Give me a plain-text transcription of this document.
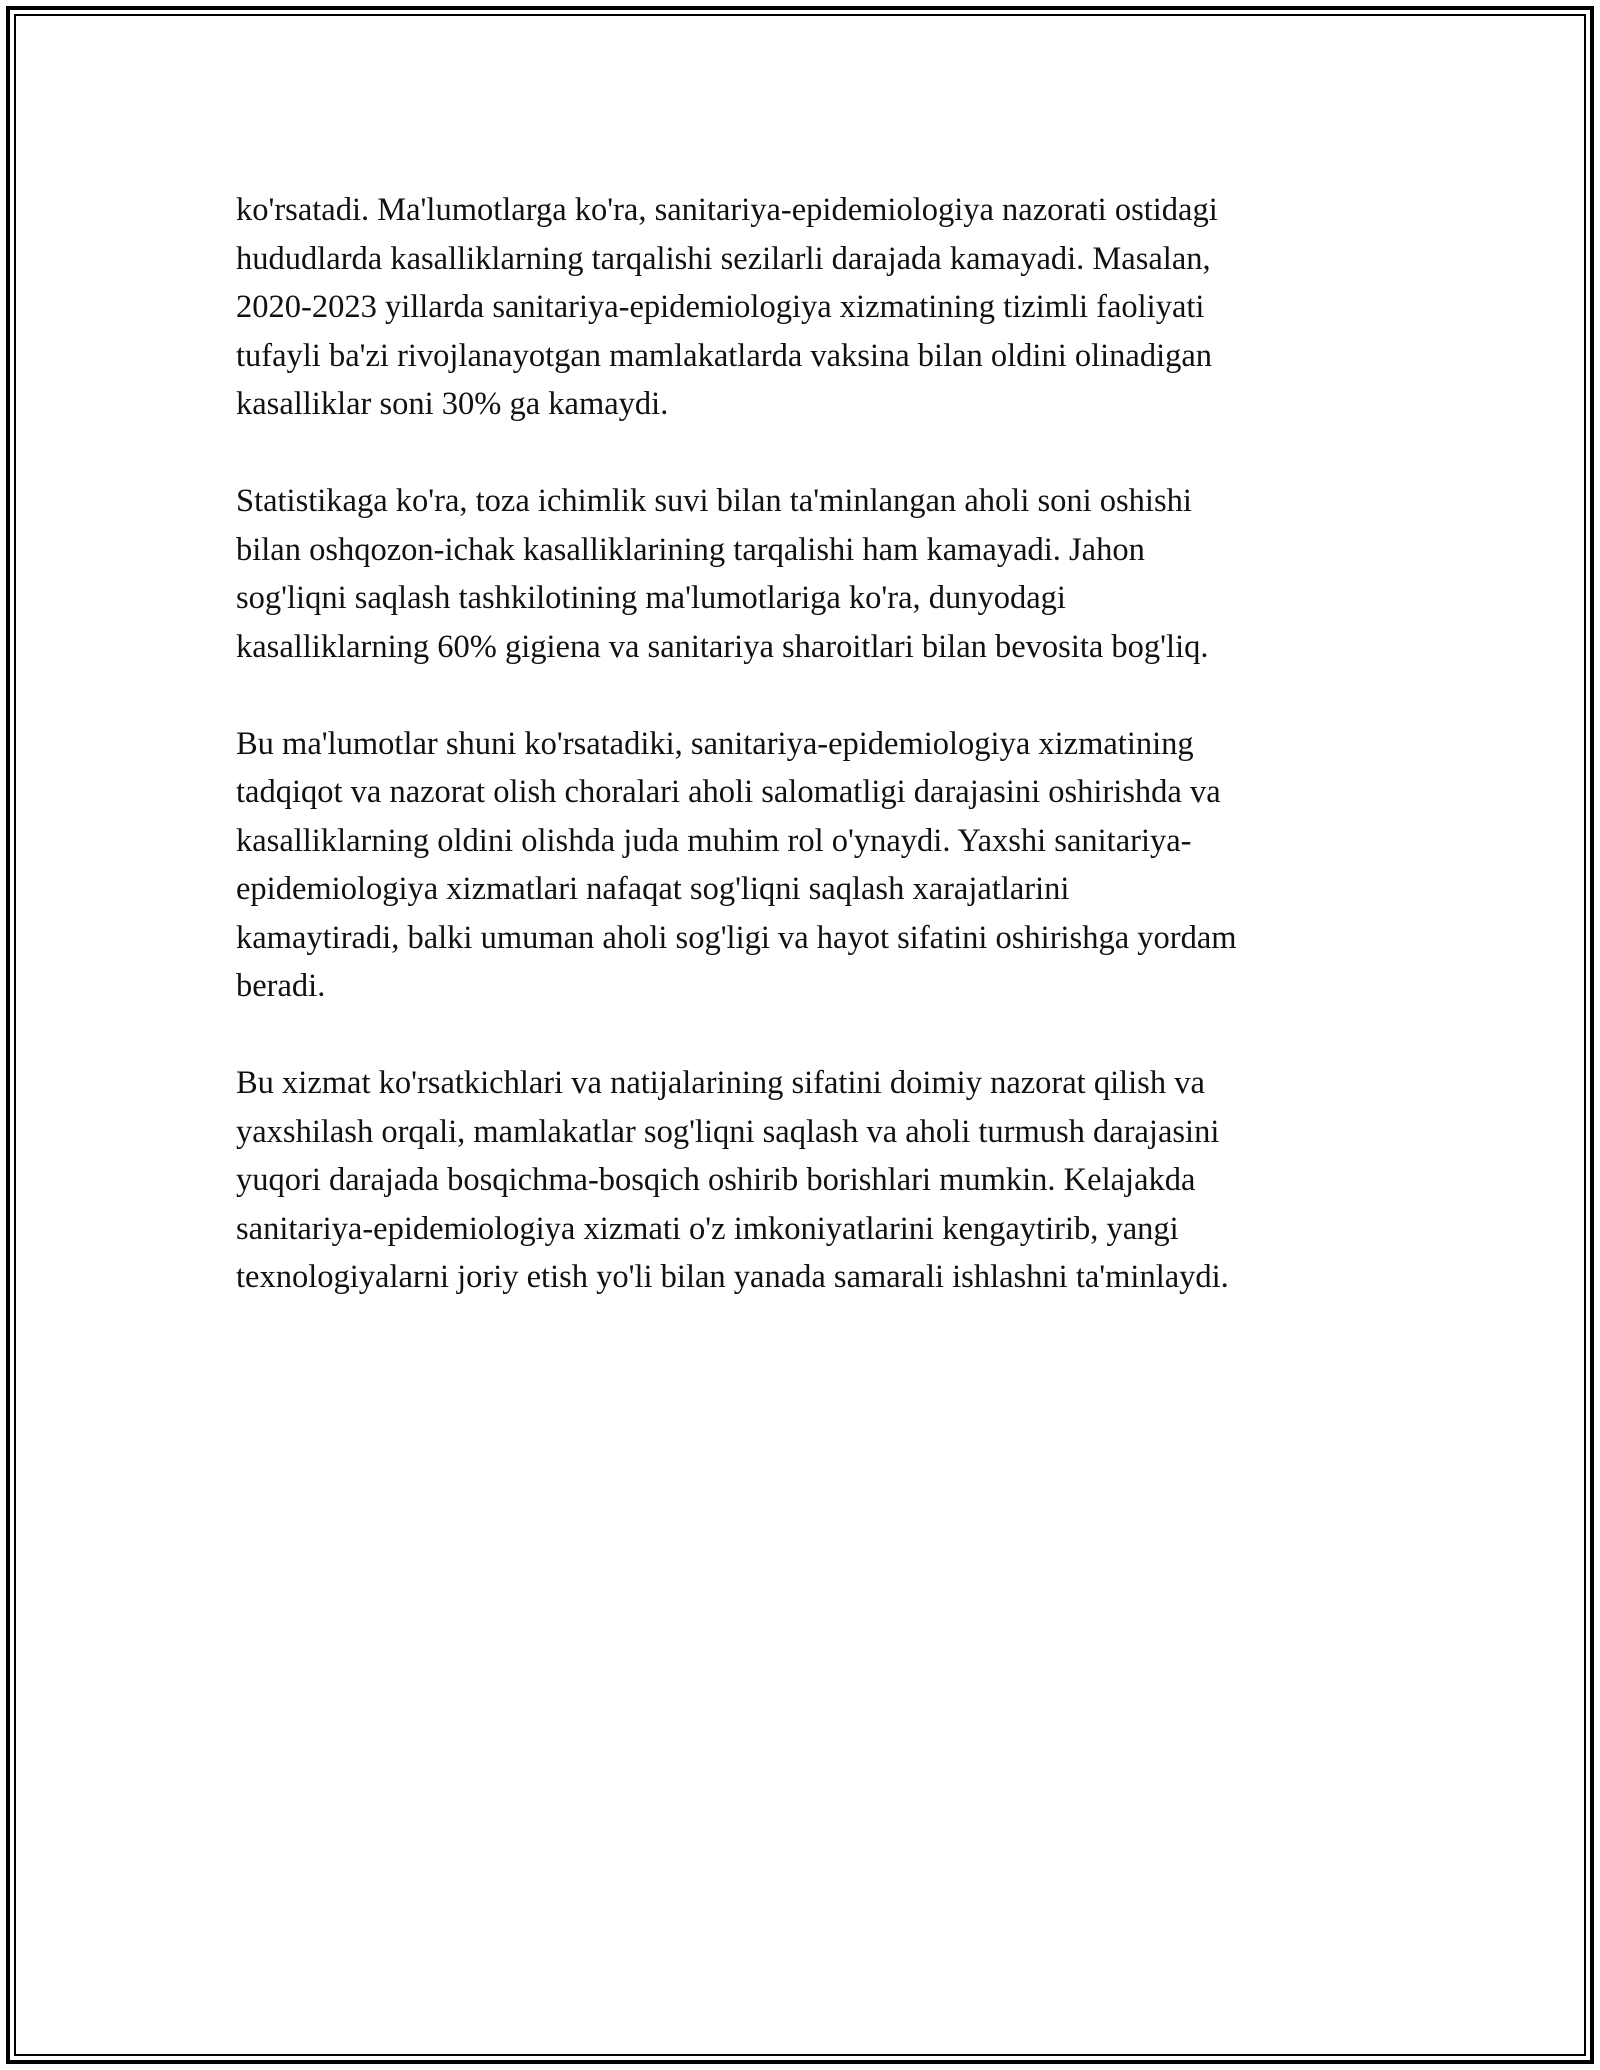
ko'rsatadi. Ma'lumotlarga ko'ra, sanitariya-epidemiologiya nazorati ostidagi
hududlarda kasalliklarning tarqalishi sezilarli darajada kamayadi. Masalan,
2020-2023 yillarda sanitariya-epidemiologiya xizmatining tizimli faoliyati
tufayli ba'zi rivojlanayotgan mamlakatlarda vaksina bilan oldini olinadigan
kasalliklar soni 30% ga kamaydi.

Statistikaga ko'ra, toza ichimlik suvi bilan ta'minlangan aholi soni oshishi
bilan oshqozon-ichak kasalliklarining tarqalishi ham kamayadi. Jahon
sog'liqni saqlash tashkilotining ma'lumotlariga ko'ra, dunyodagi
kasalliklarning 60% gigiena va sanitariya sharoitlari bilan bevosita bog'liq.

Bu ma'lumotlar shuni ko'rsatadiki, sanitariya-epidemiologiya xizmatining
tadqiqot va nazorat olish choralari aholi salomatligi darajasini oshirishda va
kasalliklarning oldini olishda juda muhim rol o'ynaydi. Yaxshi sanitariya-
epidemiologiya xizmatlari nafaqat sog'liqni saqlash xarajatlarini
kamaytiradi, balki umuman aholi sog'ligi va hayot sifatini oshirishga yordam
beradi.

Bu xizmat ko'rsatkichlari va natijalarining sifatini doimiy nazorat qilish va
yaxshilash orqali, mamlakatlar sog'liqni saqlash va aholi turmush darajasini
yuqori darajada bosqichma-bosqich oshirib borishlari mumkin. Kelajakda
sanitariya-epidemiologiya xizmati o'z imkoniyatlarini kengaytirib, yangi
texnologiyalarni joriy etish yo'li bilan yanada samarali ishlashni ta'minlaydi.
